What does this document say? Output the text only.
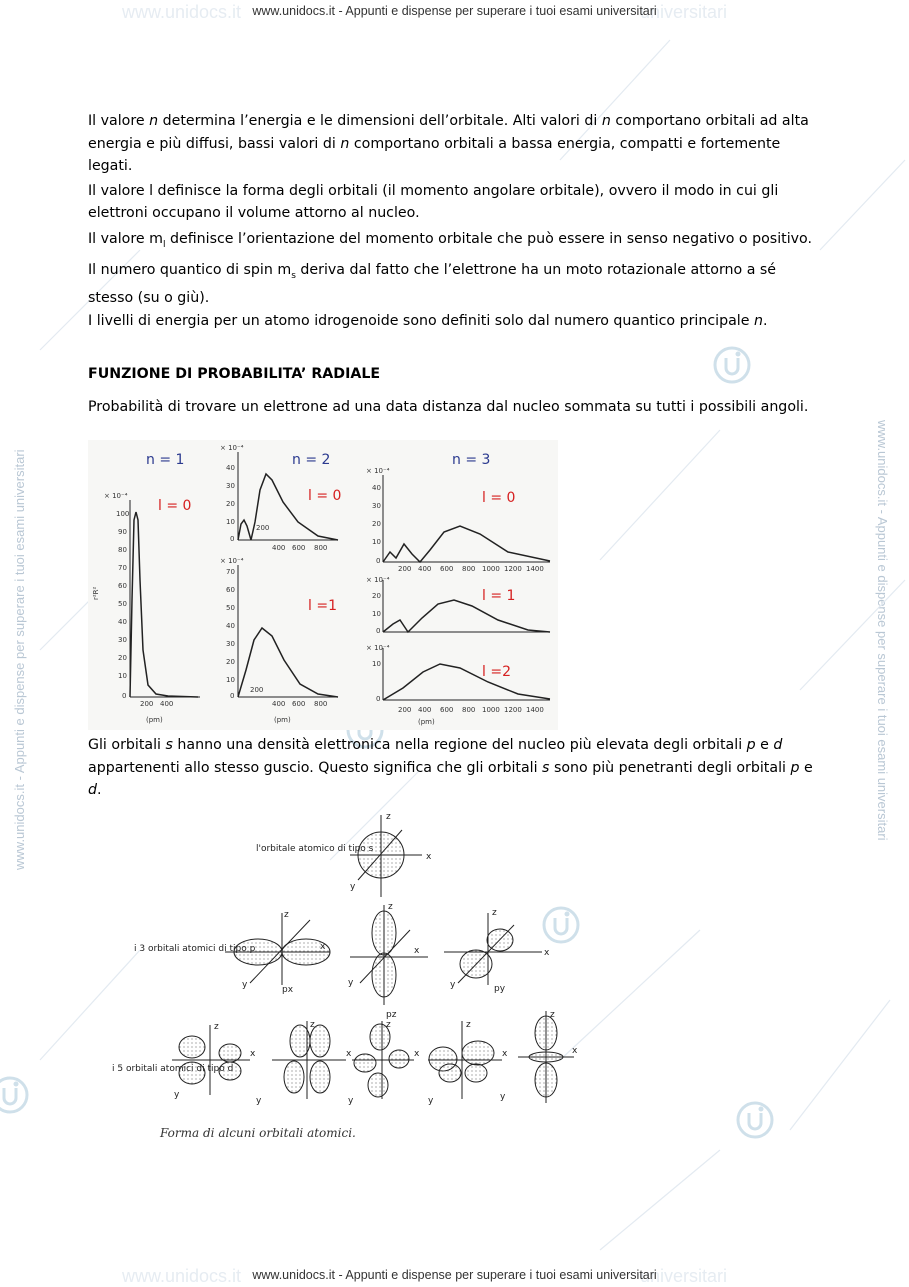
www.unidocs.it	universitari
www.unidocs.it - Appunti e dispense per superare i tuoi esami universitari
www.unidocs.it	universitari
www.unidocs.it - Appunti e dispense per superare i tuoi esami universitari
www.unidocs.it - Appunti e dispense per superare i tuoi esami universitari	www.unidocs.it - Appunti e dispense per superare i tuoi esami universitari

Il valore n determina l’energia e le dimensioni dell’orbitale. Alti valori di n comportano orbitali ad alta energia e più diffusi, bassi valori di n comportano orbitali a bassa energia, compatti e fortemente legati.

Il valore l definisce la forma degli orbitali (il momento angolare orbitale), ovvero il modo in cui gli elettroni occupano il volume attorno al nucleo.

Il valore $m_l$ definisce l’orientazione del momento orbitale che può essere in senso negativo o positivo.

Il numero quantico di spin $m_s$ deriva dal fatto che l’elettrone ha un moto rotazionale attorno a sé stesso (su o giù).

I livelli di energia per un atomo idrogenoide sono definiti solo dal numero quantico principale n.

FUNZIONE DI PROBABILITA’ RADIALE

Probabilità di trovare un elettrone ad una data distanza dal nucleo sommata su tutti i possibili angoli.

× 10⁻⁴
100
90
80
70
60
50
40
30
20
10
0
200 400
(pm)
r²R²
n = 1
l = 0
× 10⁻⁴
40
30
20
10
0
200
400 600 800
× 10⁻⁴
70
60
50
40
30
20
10
0
200
400 600 800
(pm)
n = 2
l = 0
l =1
× 10⁻⁴
40
30
20
10
0
200 400 600 800 1000 1200 1400
× 10⁻⁴
20
10
0
× 10⁻⁴
10
0
200 400 600 800 1000 1200 1400
(pm)
n = 3
l = 0
l = 1
l =2

Gli orbitali s hanno una densità elettronica nella regione del nucleo più elevata degli orbitali p e d appartenenti allo stesso guscio. Questo significa che gli orbitali s sono più penetranti degli orbitali p e d.

l'orbitale atomico di tipo s
i 3 orbitali atomici di tipo p
i 5 orbitali atomici di tipo d
px
pz
py
z
x
y
z
x
y
z
x
y
z
x
y
z
x
y
z
x
y
z
x
y
z
x
y
z
x
y
Forma di alcuni orbitali atomici.
